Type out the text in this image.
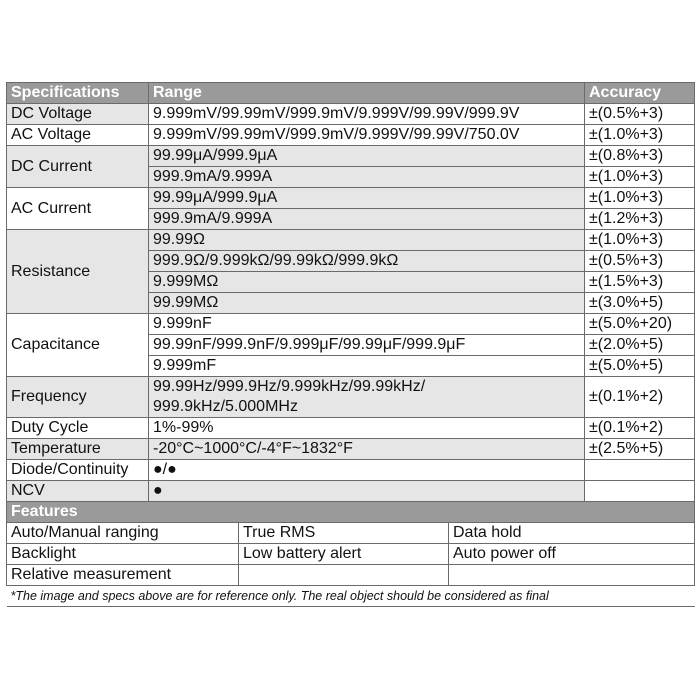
Specifications	Range	Accuracy
DC Voltage	9.999mV/99.99mV/999.9mV/9.999V/99.99V/999.9V	±(0.5%+3)
AC Voltage	9.999mV/99.99mV/999.9mV/9.999V/99.99V/750.0V	±(1.0%+3)
DC Current	99.99μA/999.9μA	±(0.8%+3)
	999.9mA/9.999A	±(1.0%+3)
AC Current	99.99μA/999.9μA	±(1.0%+3)
	999.9mA/9.999A	±(1.2%+3)
Resistance	99.99Ω	±(1.0%+3)
	999.9Ω/9.999kΩ/99.99kΩ/999.9kΩ	±(0.5%+3)
	9.999MΩ	±(1.5%+3)
	99.99MΩ	±(3.0%+5)
Capacitance	9.999nF	±(5.0%+20)
	99.99nF/999.9nF/9.999μF/99.99μF/999.9μF	±(2.0%+5)
	9.999mF	±(5.0%+5)
Frequency	99.99Hz/999.9Hz/9.999kHz/99.99kHz/
999.9kHz/5.000MHz	±(0.1%+2)
Duty Cycle	1%-99%	±(0.1%+2)
Temperature	-20°C~1000°C/-4°F~1832°F	±(2.5%+5)
Diode/Continuity	●/●	
NCV	●	
Features		
Auto/Manual ranging	True RMS	Data hold
Backlight	Low battery alert	Auto power off
Relative measurement		
*The image and specs above are for reference only. The real object should be considered as final		
